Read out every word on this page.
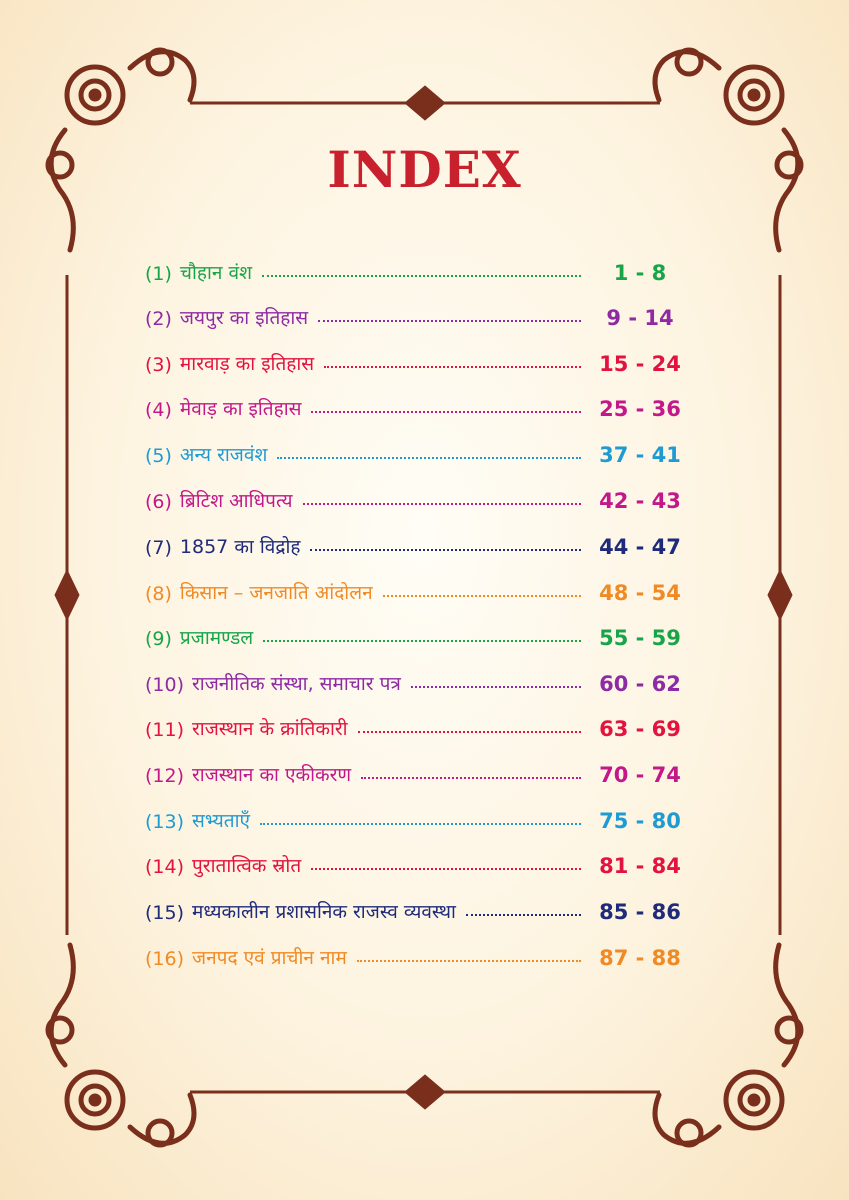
INDEX
(1) चौहान वंश	1 - 8
(2) जयपुर का इतिहास	9 - 14
(3) मारवाड़ का इतिहास	15 - 24
(4) मेवाड़ का इतिहास	25 - 36
(5) अन्य राजवंश	37 - 41
(6) ब्रिटिश आधिपत्य	42 - 43
(7) 1857 का विद्रोह	44 - 47
(8) किसान – जनजाति आंदोलन	48 - 54
(9) प्रजामण्डल	55 - 59
(10) राजनीतिक संस्था, समाचार पत्र	60 - 62
(11) राजस्थान के क्रांतिकारी	63 - 69
(12) राजस्थान का एकीकरण	70 - 74
(13) सभ्यताएँ	75 - 80
(14) पुरातात्विक स्रोत	81 - 84
(15) मध्यकालीन प्रशासनिक राजस्व व्यवस्था	85 - 86
(16) जनपद एवं प्राचीन नाम	87 - 88
